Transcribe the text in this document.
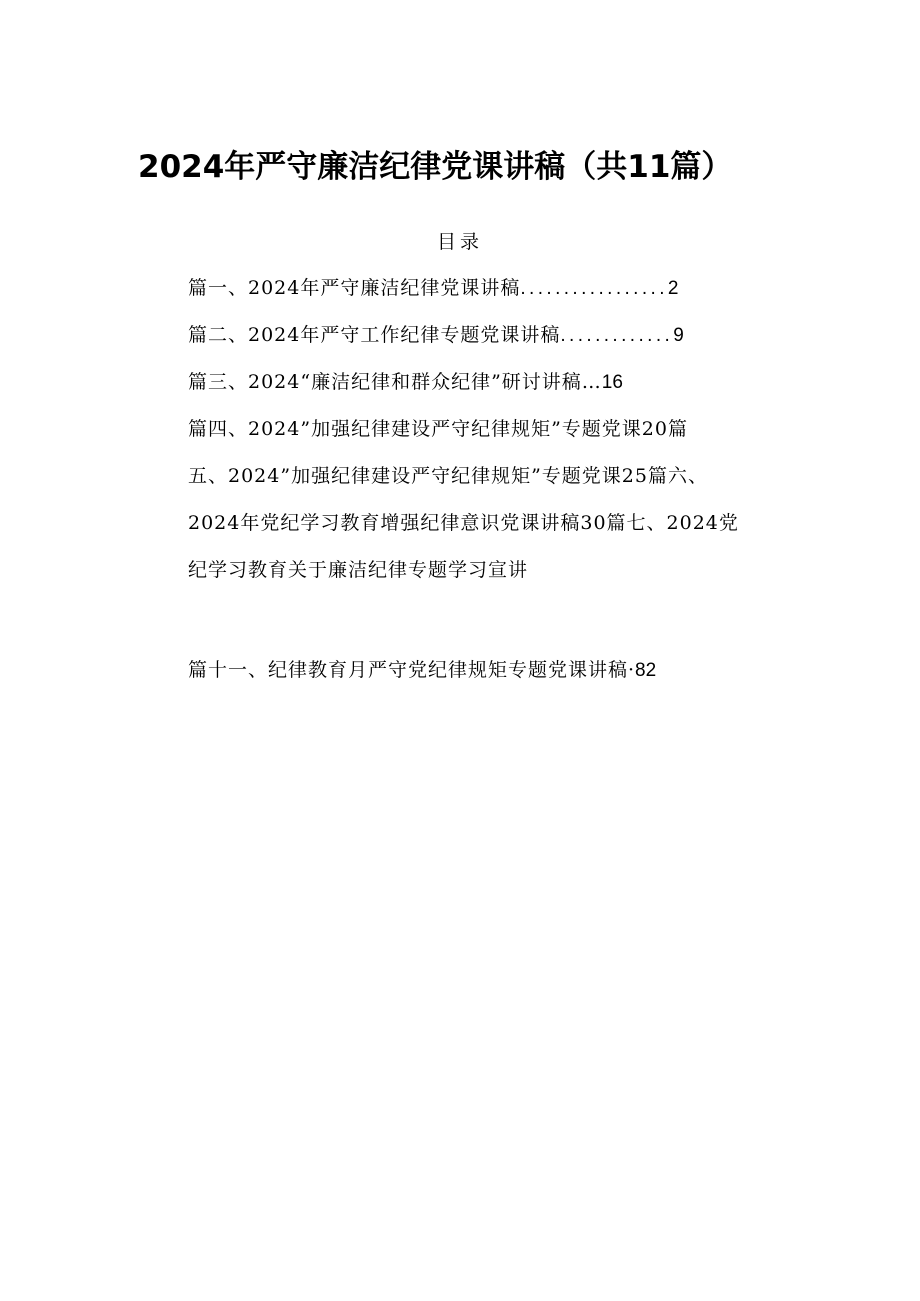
2024年严守廉洁纪律党课讲稿（共11篇）
目录
篇一、2024年严守廉洁纪律党课讲稿.................2
篇二、2024年严守工作纪律专题党课讲稿.............9
篇三、2024“廉洁纪律和群众纪律”研讨讲稿…16
篇四、2024”加强纪律建设严守纪律规矩”专题党课20篇
五、2024”加强纪律建设严守纪律规矩”专题党课25篇六、
2024年党纪学习教育增强纪律意识党课讲稿30篇七、2024党
纪学习教育关于廉洁纪律专题学习宣讲
篇十一、纪律教育月严守党纪律规矩专题党课讲稿·82
